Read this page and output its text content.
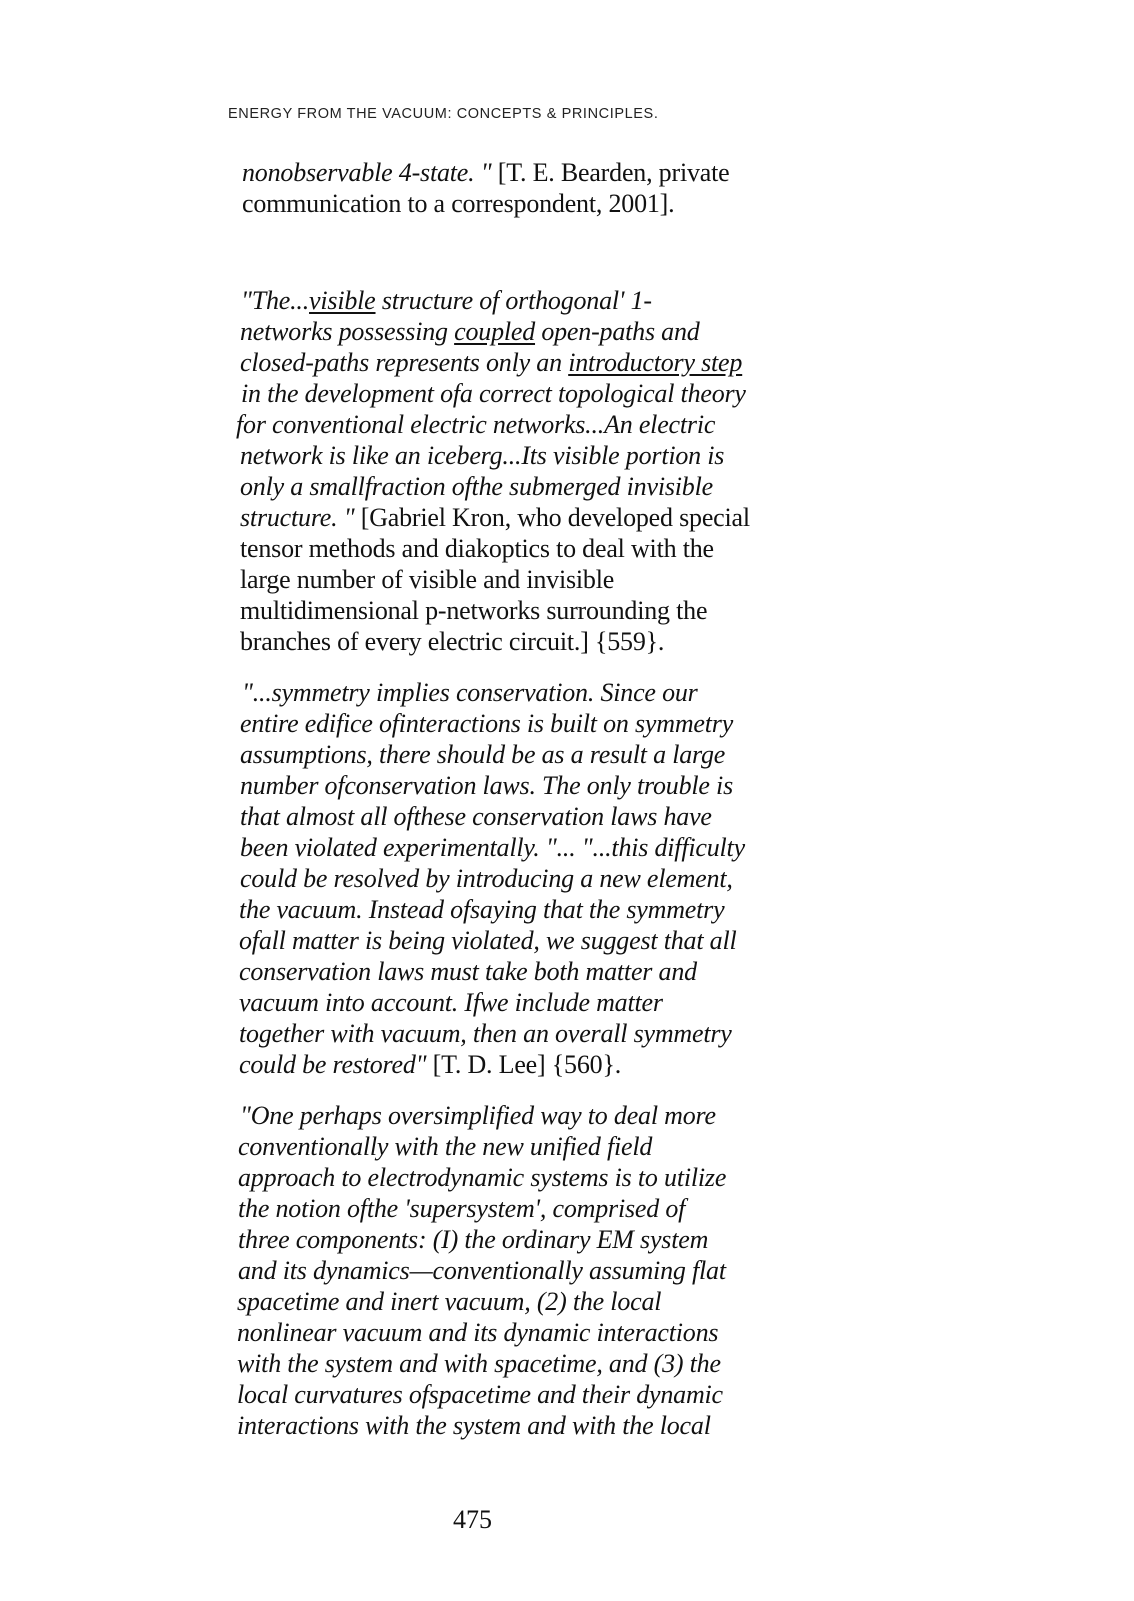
ENERGY FROM THE VACUUM: CONCEPTS & PRINCIPLES.
nonobservable 4-state. " [T. E. Bearden, private
communication to a correspondent, 2001].
"The...visible structure of orthogonal' 1-
networks possessing coupled open-paths and
closed-paths represents only an introductory step
in the development ofa correct topological theory
for conventional electric networks...An electric
network is like an iceberg...Its visible portion is
only a smallfraction ofthe submerged invisible
structure. " [Gabriel Kron, who developed special
tensor methods and diakoptics to deal with the
large number of visible and invisible
multidimensional p-networks surrounding the
branches of every electric circuit.] {559}.
"...symmetry implies conservation. Since our
entire edifice ofinteractions is built on symmetry
assumptions, there should be as a result a large
number ofconservation laws. The only trouble is
that almost all ofthese conservation laws have
been violated experimentally. "... "...this difficulty
could be resolved by introducing a new element,
the vacuum. Instead ofsaying that the symmetry
ofall matter is being violated, we suggest that all
conservation laws must take both matter and
vacuum into account. Ifwe include matter
together with vacuum, then an overall symmetry
could be restored" [T. D. Lee] {560}.
"One perhaps oversimplified way to deal more
conventionally with the new unified field
approach to electrodynamic systems is to utilize
the notion ofthe 'supersystem', comprised of
three components: (I) the ordinary EM system
and its dynamics—conventionally assuming flat
spacetime and inert vacuum, (2) the local
nonlinear vacuum and its dynamic interactions
with the system and with spacetime, and (3) the
local curvatures ofspacetime and their dynamic
interactions with the system and with the local
475
